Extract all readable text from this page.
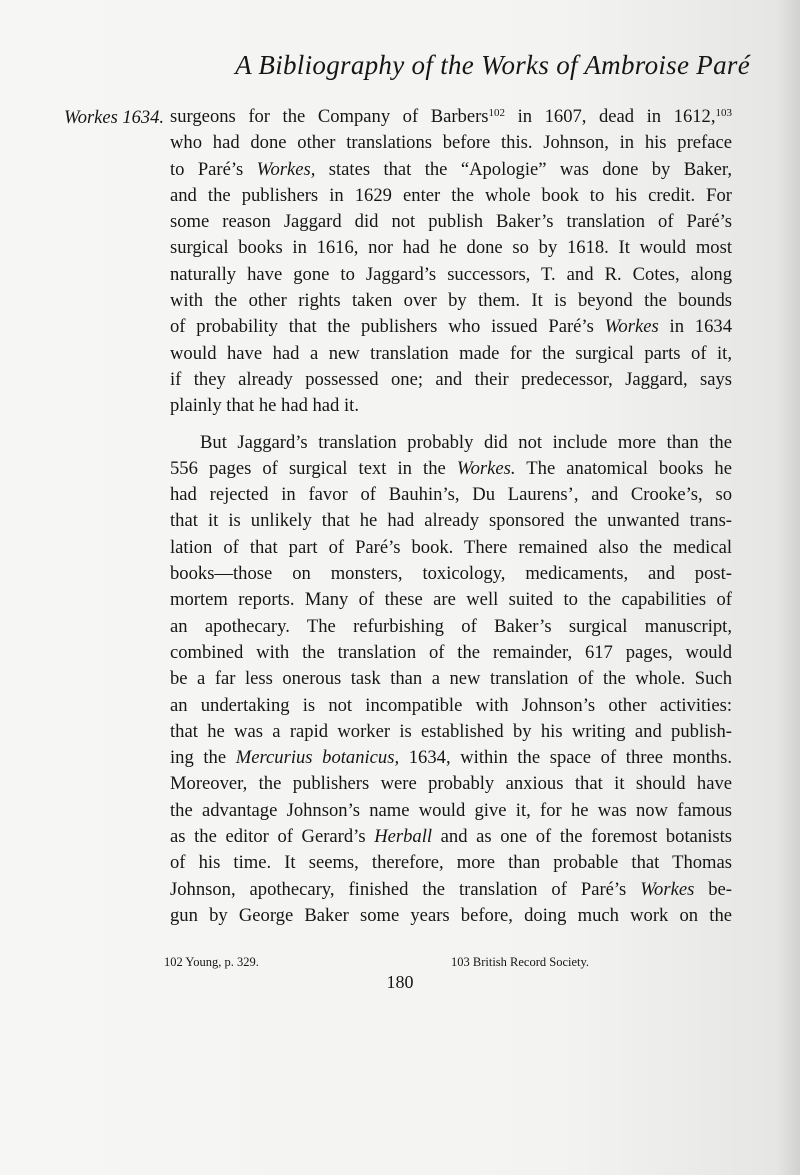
A Bibliography of the Works of Ambroise Paré
Workes 1634. surgeons for the Company of Barbers$^{102}$ in 1607, dead in 1612,$^{103}$
who had done other translations before this. Johnson, in his preface
to Paré’s Workes, states that the “Apologie” was done by Baker,
and the publishers in 1629 enter the whole book to his credit. For
some reason Jaggard did not publish Baker’s translation of Paré’s
surgical books in 1616, nor had he done so by 1618. It would most
naturally have gone to Jaggard’s successors, T. and R. Cotes, along
with the other rights taken over by them. It is beyond the bounds
of probability that the publishers who issued Paré’s Workes in 1634
would have had a new translation made for the surgical parts of it,
if they already possessed one; and their predecessor, Jaggard, says
plainly that he had had it.
But Jaggard’s translation probably did not include more than the
556 pages of surgical text in the Workes. The anatomical books he
had rejected in favor of Bauhin’s, Du Laurens’, and Crooke’s, so
that it is unlikely that he had already sponsored the unwanted trans-
lation of that part of Paré’s book. There remained also the medical
books—those on monsters, toxicology, medicaments, and post-
mortem reports. Many of these are well suited to the capabilities of
an apothecary. The refurbishing of Baker’s surgical manuscript,
combined with the translation of the remainder, 617 pages, would
be a far less onerous task than a new translation of the whole. Such
an undertaking is not incompatible with Johnson’s other activities:
that he was a rapid worker is established by his writing and publish-
ing the Mercurius botanicus, 1634, within the space of three months.
Moreover, the publishers were probably anxious that it should have
the advantage Johnson’s name would give it, for he was now famous
as the editor of Gerard’s Herball and as one of the foremost botanists
of his time. It seems, therefore, more than probable that Thomas
Johnson, apothecary, finished the translation of Paré’s Workes be-
gun by George Baker some years before, doing much work on the
102 Young, p. 329.	103 British Record Society.
180
